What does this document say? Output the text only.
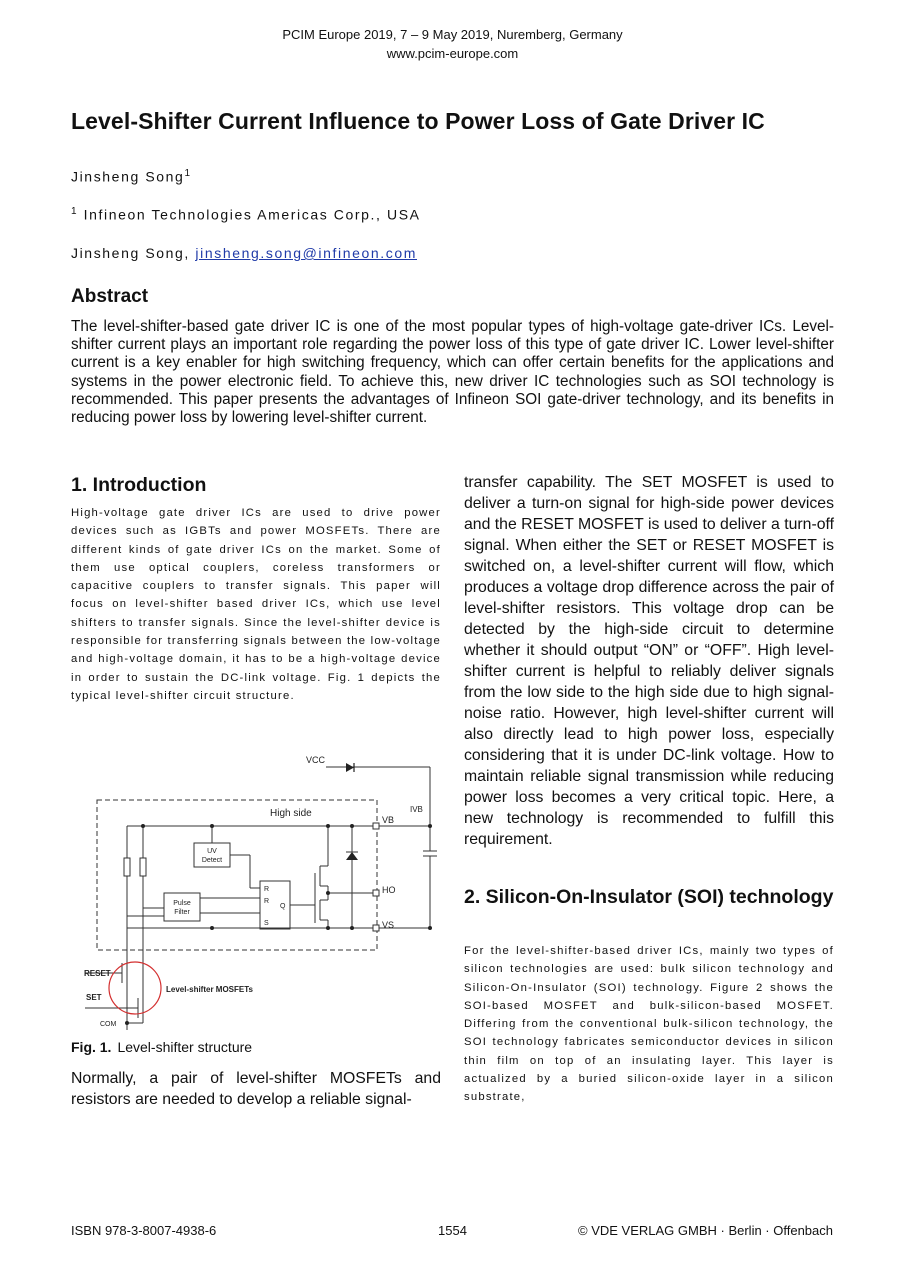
PCIM Europe 2019, 7 – 9 May 2019, Nuremberg, Germany
www.pcim-europe.com
Level-Shifter Current Influence to Power Loss of Gate Driver IC
Jinsheng Song$^1$
$^1$ Infineon Technologies Americas Corp., USA
Jinsheng Song, jinsheng.song@infineon.com
Abstract
The level-shifter-based gate driver IC is one of the most popular types of high-voltage gate-driver ICs. Level-shifter current plays an important role regarding the power loss of this type of gate driver IC. Lower level-shifter current is a key enabler for high switching frequency, which can offer certain benefits for the applications and systems in the power electronic field. To achieve this, new driver IC technologies such as SOI technology is recommended. This paper presents the advantages of Infineon SOI gate-driver technology, and its benefits in reducing power loss by lowering level-shifter current.
1. Introduction
High-voltage gate driver ICs are used to drive power devices such as IGBTs and power MOSFETs. There are different kinds of gate driver ICs on the market. Some of them use optical couplers, coreless transformers or capacitive couplers to transfer signals. This paper will focus on level-shifter based driver ICs, which use level shifters to transfer signals. Since the level-shifter device is responsible for transferring signals between the low-voltage and high-voltage domain, it has to be a high-voltage device in order to sustain the DC-link voltage. Fig. 1 depicts the typical level-shifter circuit structure.
VCC
High side
VB
IVB
UV
Detect
Pulse
Filter
R
R
S
Q
HO
VS
RESET
SET
Level-shifter MOSFETs
COM
Fig. 1. Level-shifter structure
Normally, a pair of level-shifter MOSFETs and resistors are needed to develop a reliable signal-
transfer capability. The SET MOSFET is used to deliver a turn-on signal for high-side power devices and the RESET MOSFET is used to deliver a turn-off signal. When either the SET or RESET MOSFET is switched on, a level-shifter current will flow, which produces a voltage drop difference across the pair of level-shifter resistors. This voltage drop can be detected by the high-side circuit to determine whether it should output “ON” or “OFF”. High level-shifter current is helpful to reliably deliver signals from the low side to the high side due to high signal-noise ratio. However, high level-shifter current will also directly lead to high power loss, especially considering that it is under DC-link voltage. How to maintain reliable signal transmission while reducing power loss becomes a very critical topic. Here, a new technology is recommended to fulfill this requirement.
2. Silicon-On-Insulator (SOI) technology
For the level-shifter-based driver ICs, mainly two types of silicon technologies are used: bulk silicon technology and Silicon-On-Insulator (SOI) technology. Figure 2 shows the SOI-based MOSFET and bulk-silicon-based MOSFET. Differing from the conventional bulk-silicon technology, the SOI technology fabricates semiconductor devices in silicon thin film on top of an insulating layer. This layer is actualized by a buried silicon-oxide layer in a silicon substrate,
ISBN 978-3-8007-4938-6	1554	© VDE VERLAG GMBH · Berlin · Offenbach
